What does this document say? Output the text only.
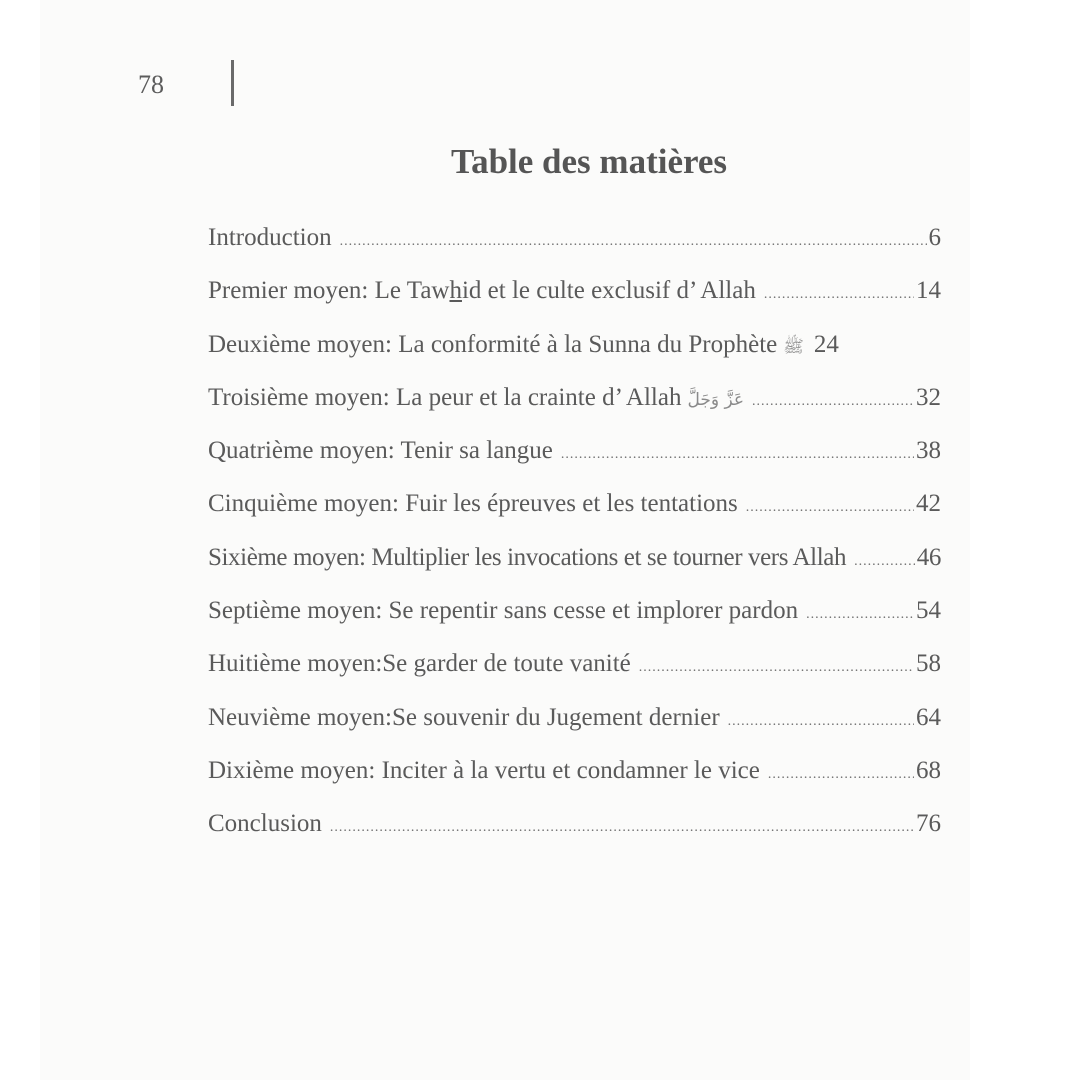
78
Table des matières
Introduction .....	6
Premier moyen: Le Tawhid et le culte exclusif d’ Allah .....	14
Deuxième moyen: La conformité à la Sunna du Prophète ﷺ 24
Troisième moyen: La peur et la crainte d’ Allah عَزَّ وَجَلَّ .....	32
Quatrième moyen: Tenir sa langue .....	38
Cinquième moyen: Fuir les épreuves et les tentations .....	42
Sixième moyen: Multiplier les invocations et se tourner vers Allah .....	46
Septième moyen: Se repentir sans cesse et implorer pardon .....	54
Huitième moyen:Se garder de toute vanité .....	58
Neuvième moyen:Se souvenir du Jugement dernier .....	64
Dixième moyen: Inciter à la vertu et condamner le vice .....	68
Conclusion .....	76
